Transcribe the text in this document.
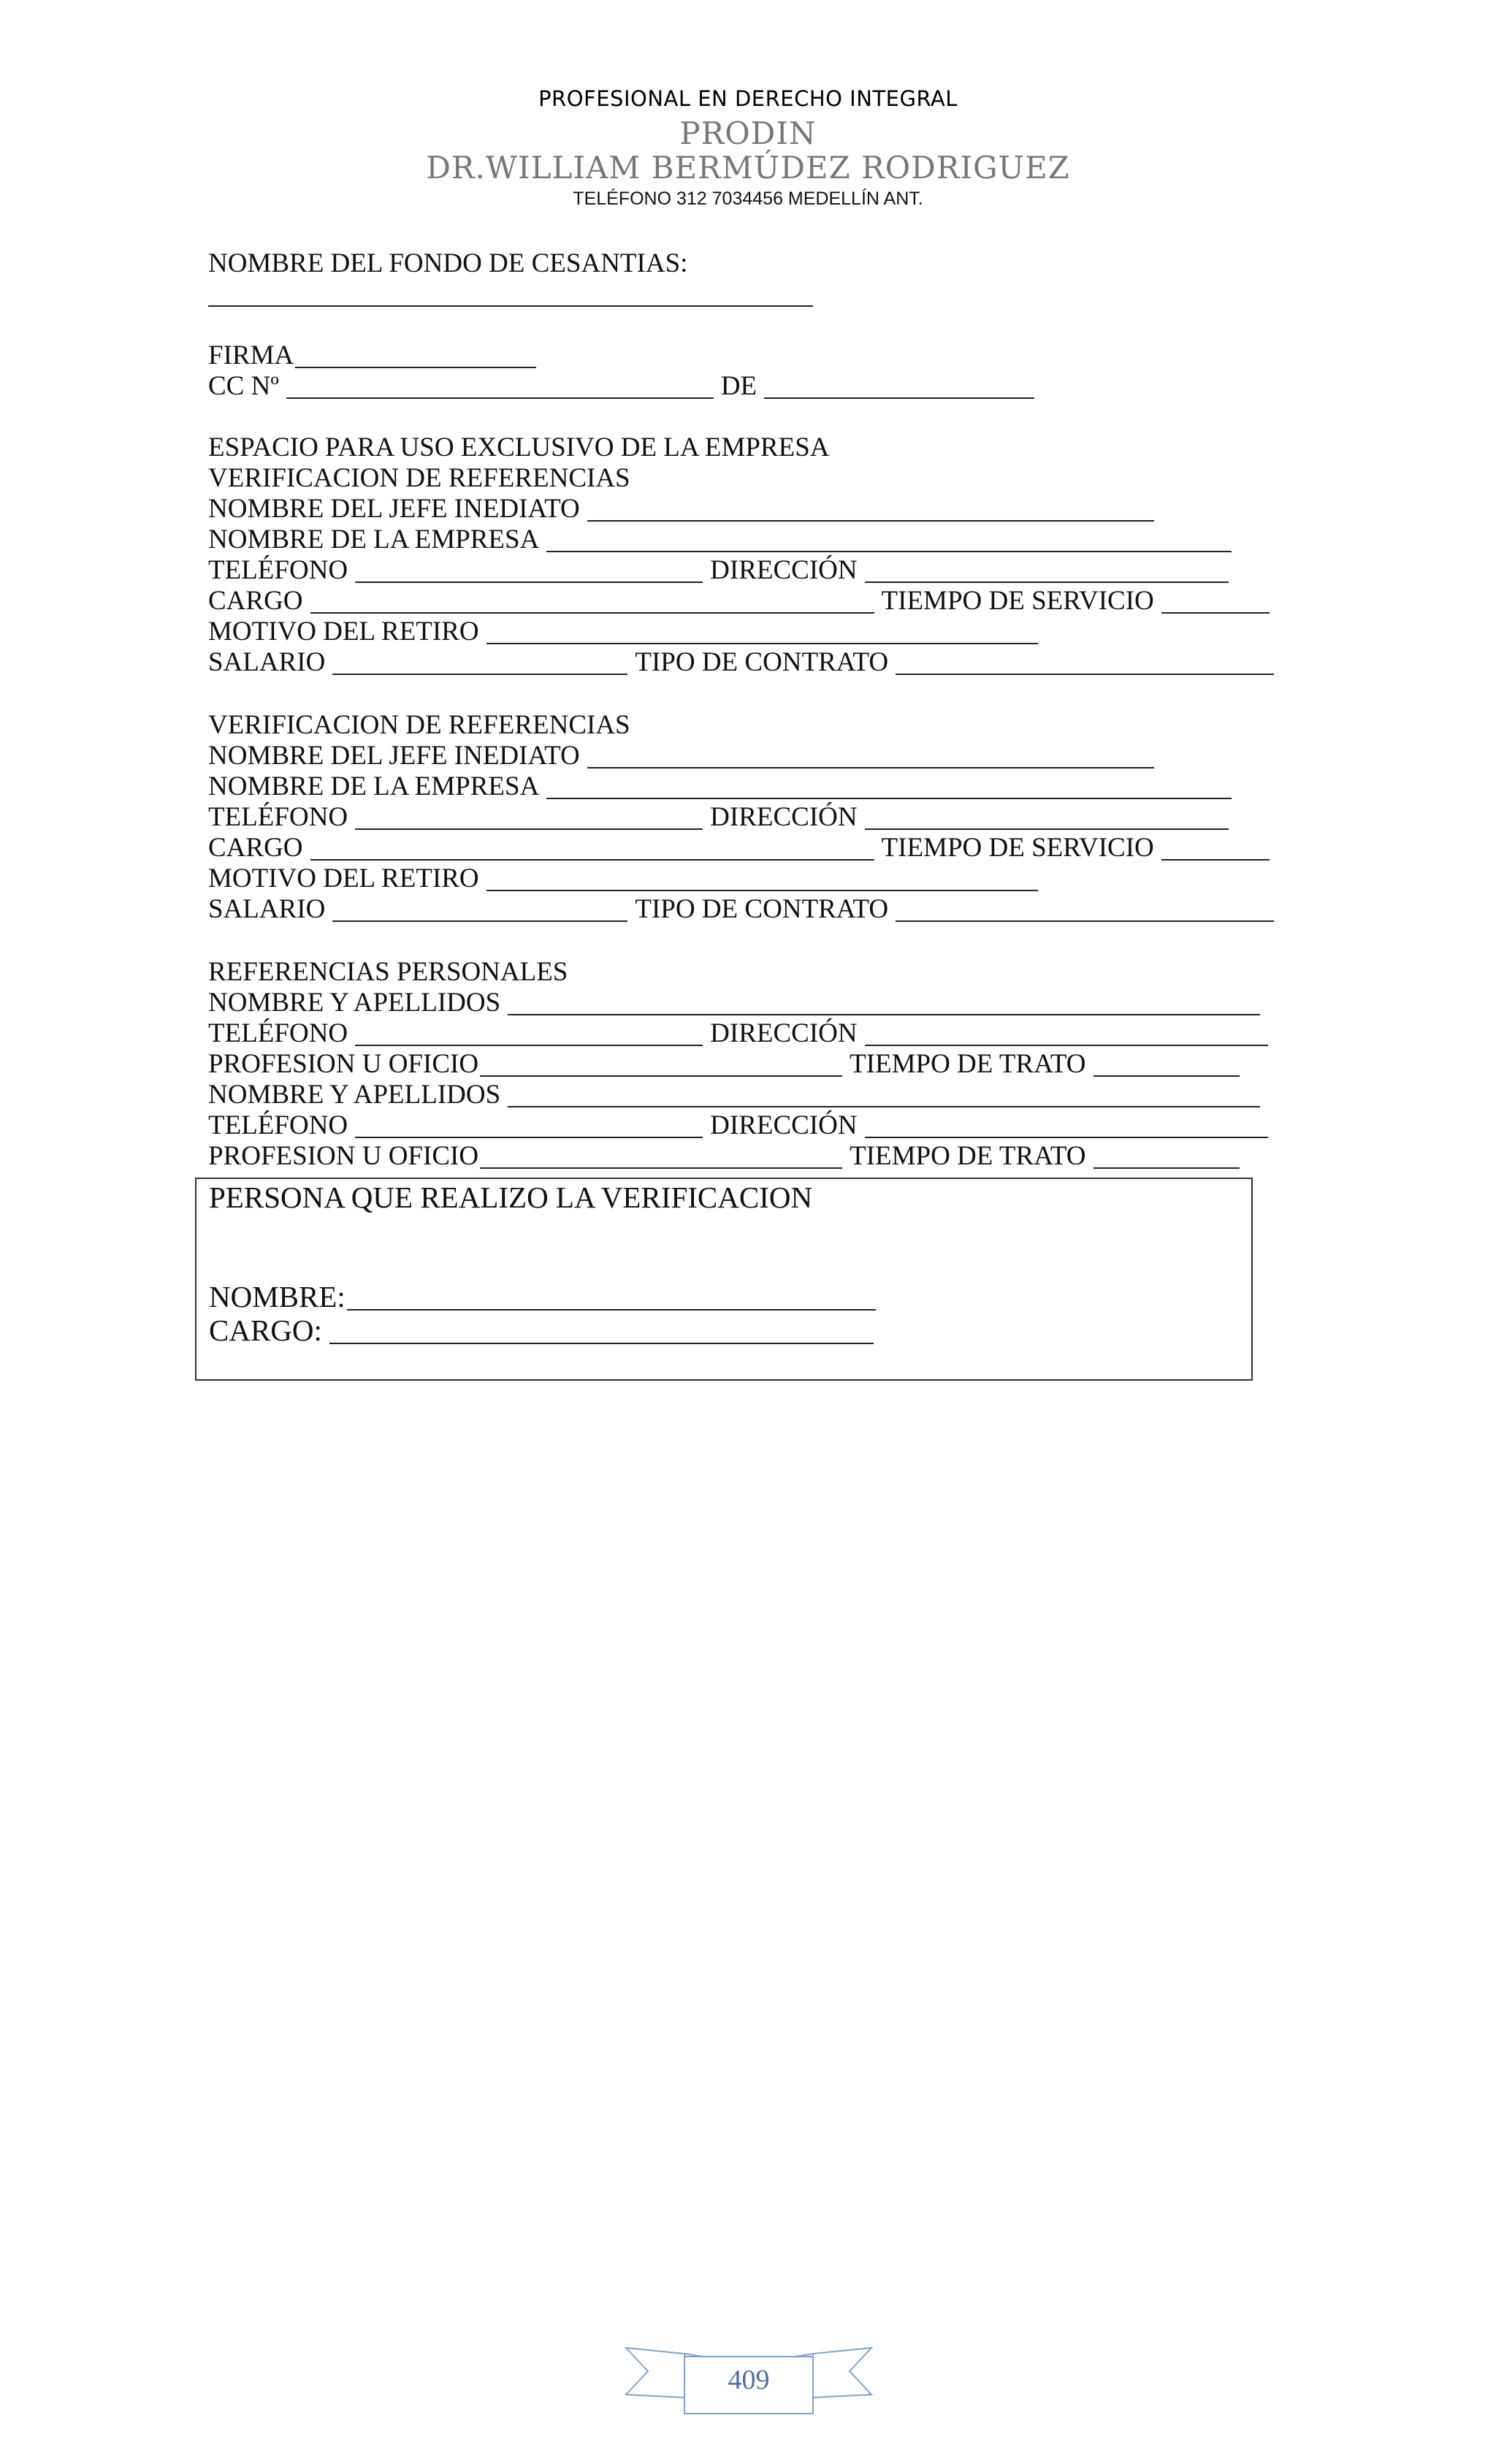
PROFESIONAL EN DERECHO INTEGRAL
PRODIN
DR.WILLIAM BERMÚDEZ RODRIGUEZ
TELÉFONO 312 7034456 MEDELLÍN ANT.
NOMBRE DEL FONDO DE CESANTIAS:
FIRMA
CC Nº	DE
ESPACIO PARA USO EXCLUSIVO DE LA EMPRESA
VERIFICACION DE REFERENCIAS
NOMBRE DEL JEFE INEDIATO
NOMBRE DE LA EMPRESA
TELÉFONO	DIRECCIÓN
CARGO	TIEMPO DE SERVICIO
MOTIVO DEL RETIRO
SALARIO	TIPO DE CONTRATO
VERIFICACION DE REFERENCIAS
NOMBRE DEL JEFE INEDIATO
NOMBRE DE LA EMPRESA
TELÉFONO	DIRECCIÓN
CARGO	TIEMPO DE SERVICIO
MOTIVO DEL RETIRO
SALARIO	TIPO DE CONTRATO
REFERENCIAS PERSONALES
NOMBRE Y APELLIDOS
TELÉFONO	DIRECCIÓN
PROFESION U OFICIO	TIEMPO DE TRATO
NOMBRE Y APELLIDOS
TELÉFONO	DIRECCIÓN
PROFESION U OFICIO	TIEMPO DE TRATO
PERSONA QUE REALIZO LA VERIFICACION
NOMBRE:
CARGO:
409
